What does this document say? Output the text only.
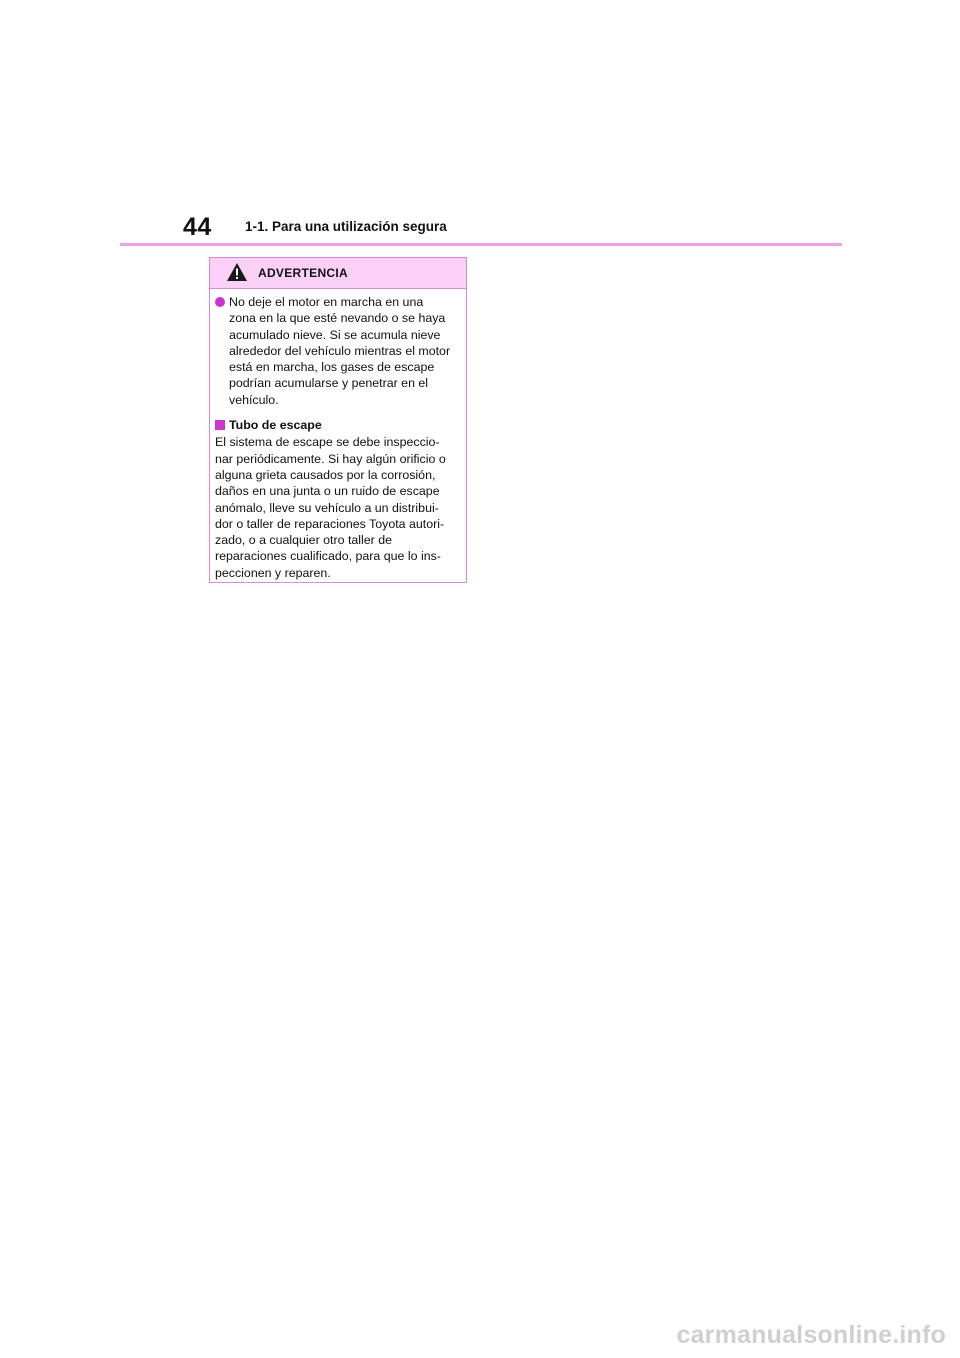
44 1-1. Para una utilización segura
ADVERTENCIA
No deje el motor en marcha en una
zona en la que esté nevando o se haya
acumulado nieve. Si se acumula nieve
alrededor del vehículo mientras el motor
está en marcha, los gases de escape
podrían acumularse y penetrar en el
vehículo.
Tubo de escape
El sistema de escape se debe inspeccio-
nar periódicamente. Si hay algún orificio o
alguna grieta causados por la corrosión,
daños en una junta o un ruido de escape
anómalo, lleve su vehículo a un distribui-
dor o taller de reparaciones Toyota autori-
zado, o a cualquier otro taller de
reparaciones cualificado, para que lo ins-
peccionen y reparen.
carmanualsonline.info
